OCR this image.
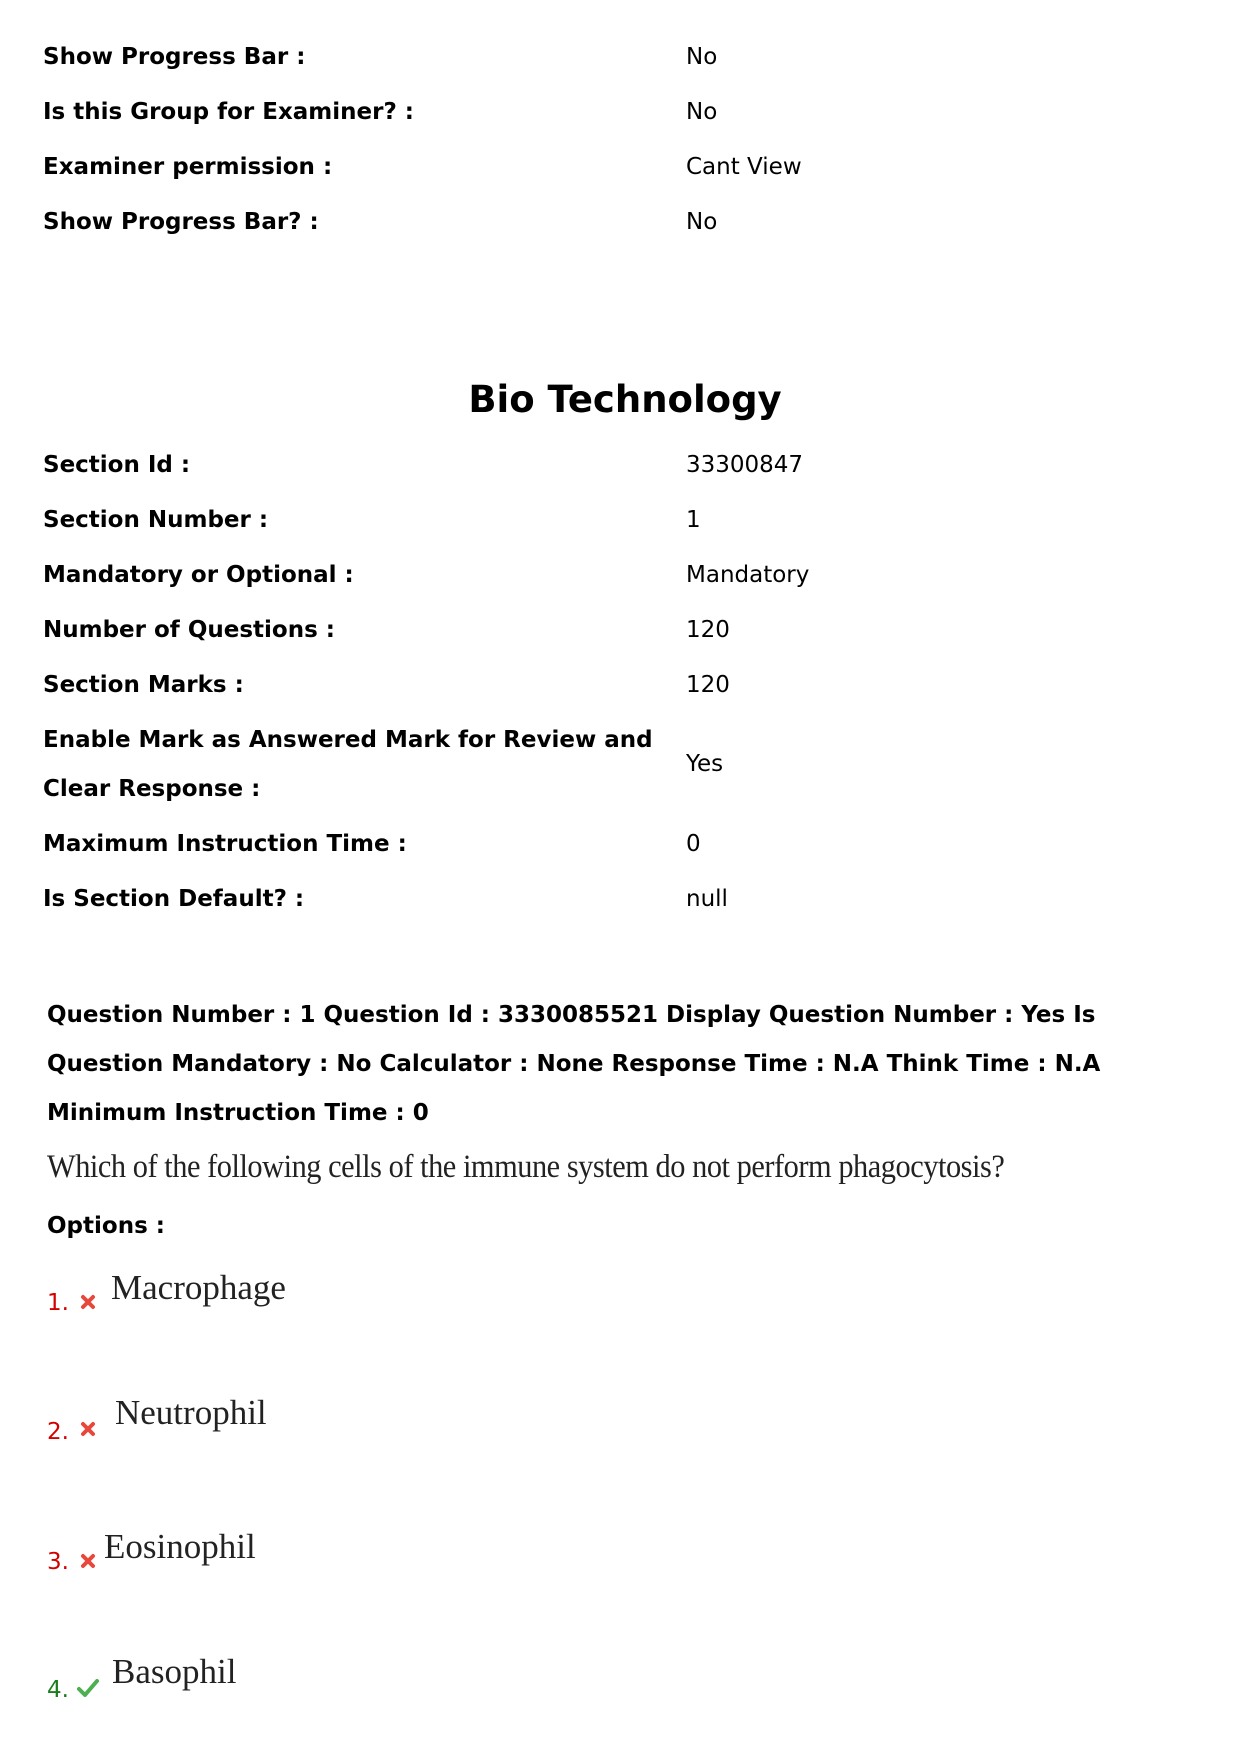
Show Progress Bar :	No
Is this Group for Examiner? :	No
Examiner permission :	Cant View
Show Progress Bar? :	No
Bio Technology
Section Id :	33300847
Section Number :	1
Mandatory or Optional :	Mandatory
Number of Questions :	120
Section Marks :	120
Enable Mark as Answered Mark for Review and
Clear Response :
Yes
Maximum Instruction Time :	0
Is Section Default? :	null
Question Number : 1 Question Id : 3330085521 Display Question Number : Yes Is Question Mandatory : No Calculator : None Response Time : N.A Think Time : N.A Minimum Instruction Time : 0
Which of the following cells of the immune system do not perform phagocytosis?
Options :
1. Macrophage
2. Neutrophil
3. Eosinophil
4. Basophil
